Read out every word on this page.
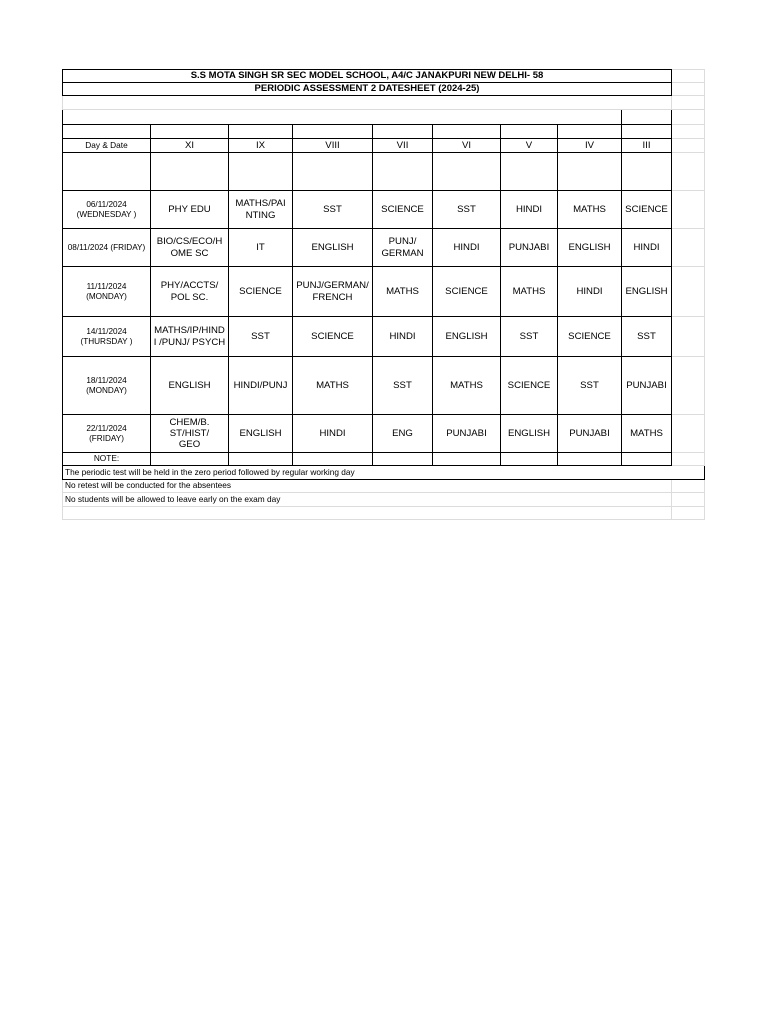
S.S MOTA SINGH SR SEC MODEL SCHOOL, A4/C JANAKPURI NEW DELHI- 58									
PERIODIC ASSESSMENT 2 DATESHEET (2024-25)									

Day & Date	XI	IX	VIII	VII	VI	V	IV	III	

06/11/2024
(WEDNESDAY )	PHY EDU	MATHS/PAI
NTING	SST	SCIENCE	SST	HINDI	MATHS	SCIENCE	
08/11/2024 (FRIDAY)	BIO/CS/ECO/H
OME SC	IT	ENGLISH	PUNJ/
GERMAN	HINDI	PUNJABI	ENGLISH	HINDI	
11/11/2024
(MONDAY)	PHY/ACCTS/
POL SC.	SCIENCE	PUNJ/GERMAN/
FRENCH	MATHS	SCIENCE	MATHS	HINDI	ENGLISH	
14/11/2024
(THURSDAY )	MATHS/IP/HIND
I /PUNJ/ PSYCH	SST	SCIENCE	HINDI	ENGLISH	SST	SCIENCE	SST	
18/11/2024
(MONDAY)	ENGLISH	HINDI/PUNJ	MATHS	SST	MATHS	SCIENCE	SST	PUNJABI	
22/11/2024
(FRIDAY)	CHEM/B.
ST/HIST/
GEO	ENGLISH	HINDI	ENG	PUNJABI	ENGLISH	PUNJABI	MATHS	
NOTE:									
The periodic test will be held in the zero period followed by regular working day									
No retest will be conducted for the absentees									
No students will be allowed to leave early on the exam day									
